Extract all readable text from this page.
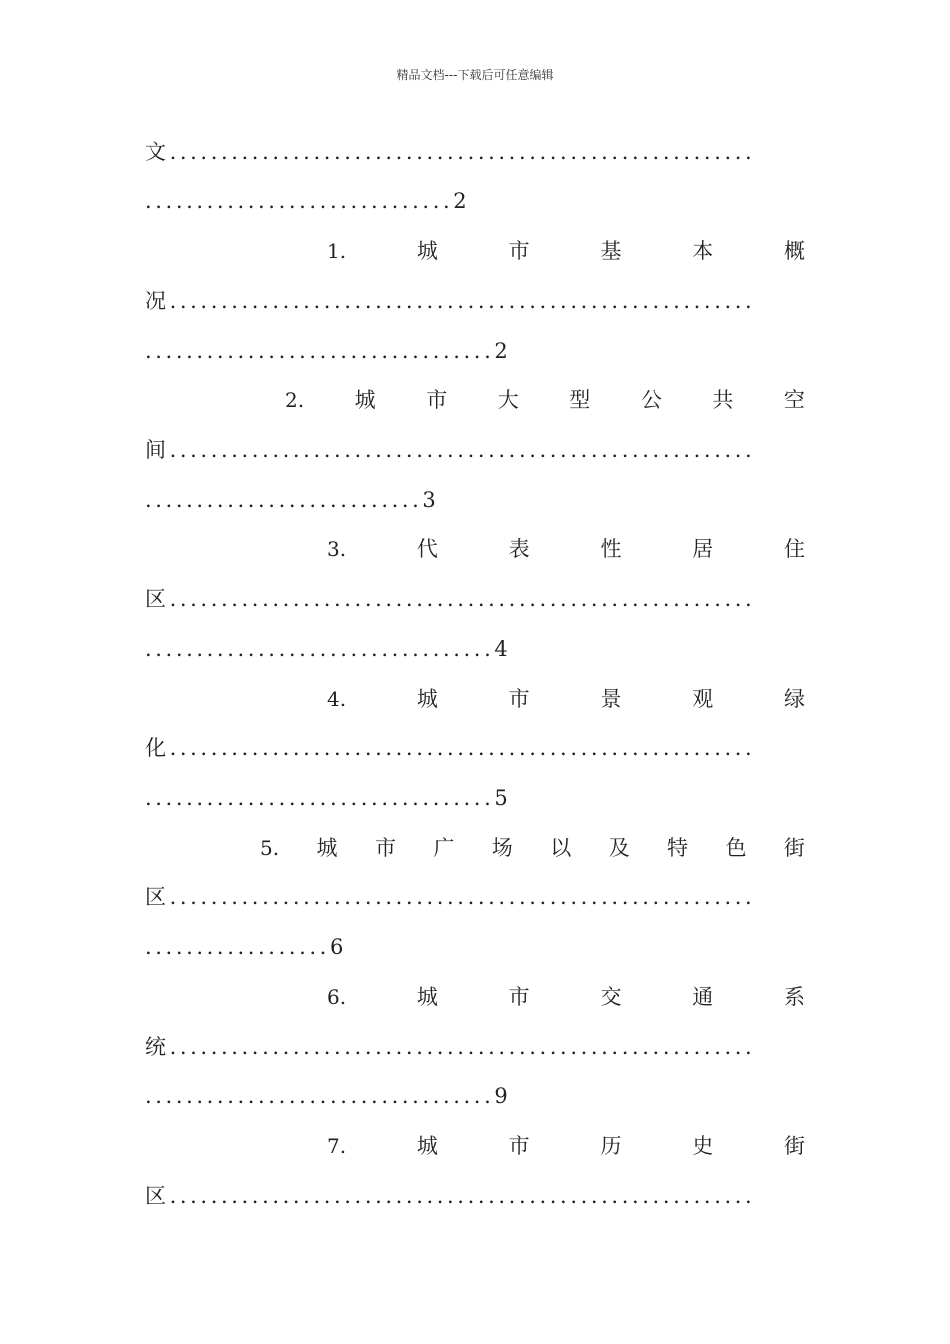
精品文档---下载后可任意编辑
文.........................................................
..............................2
1.	城	市	基	本	概
况.........................................................
..................................2
2. 城 市 大 型 公 共 空
间.........................................................
...........................3
3.	代	表	性	居	住
区.........................................................
..................................4
4.	城	市	景	观	绿
化.........................................................
..................................5
5. 城 市 广 场 以 及 特 色 街
区.........................................................
..................6
6.	城	市	交	通	系
统.........................................................
..................................9
7.	城	市	历	史	街
区.........................................................
